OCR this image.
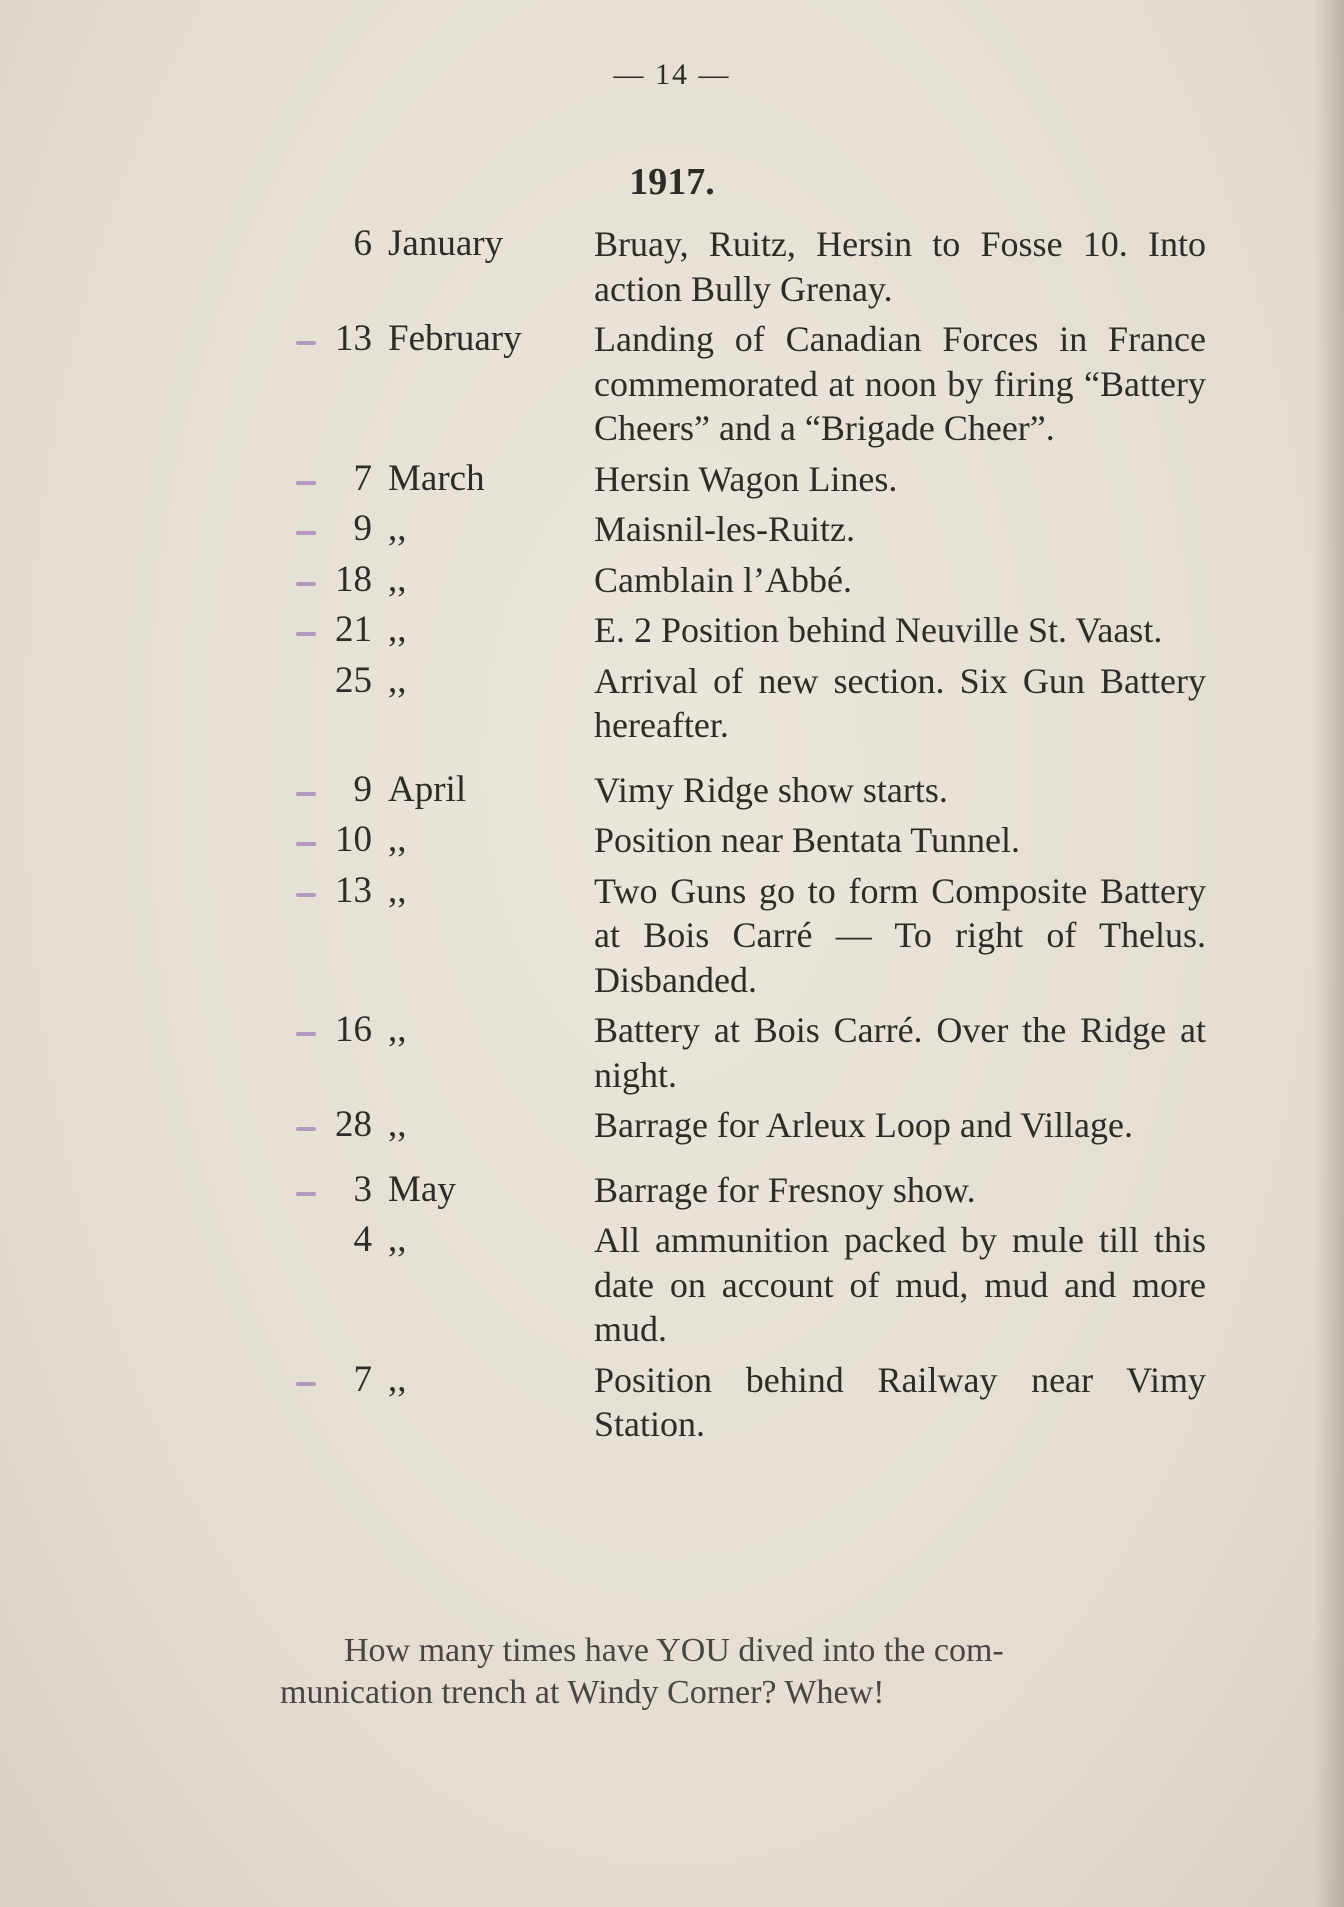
— 14 —
1917.
6 January	Bruay, Ruitz, Hersin to Fosse 10. Into action Bully Grenay.
13 February	Landing of Canadian Forces in France commemorated at noon by firing “Battery Cheers” and a “Brigade Cheer”.
7 March	Hersin Wagon Lines.
9 ,,	Maisnil-les-Ruitz.
18 ,,	Camblain l’Abbé.
21 ,,	E. 2 Position behind Neuville St. Vaast.
25 ,,	Arrival of new section. Six Gun Battery hereafter.
9 April	Vimy Ridge show starts.
10 ,,	Position near Bentata Tunnel.
13 ,,	Two Guns go to form Composite Battery at Bois Carré — To right of Thelus. Disbanded.
16 ,,	Battery at Bois Carré. Over the Ridge at night.
28 ,,	Barrage for Arleux Loop and Village.
3 May	Barrage for Fresnoy show.
4 ,,	All ammunition packed by mule till this date on account of mud, mud and more mud.
7 ,,	Position behind Railway near Vimy Station.
How many times have YOU dived into the com-
munication trench at Windy Corner? Whew!
